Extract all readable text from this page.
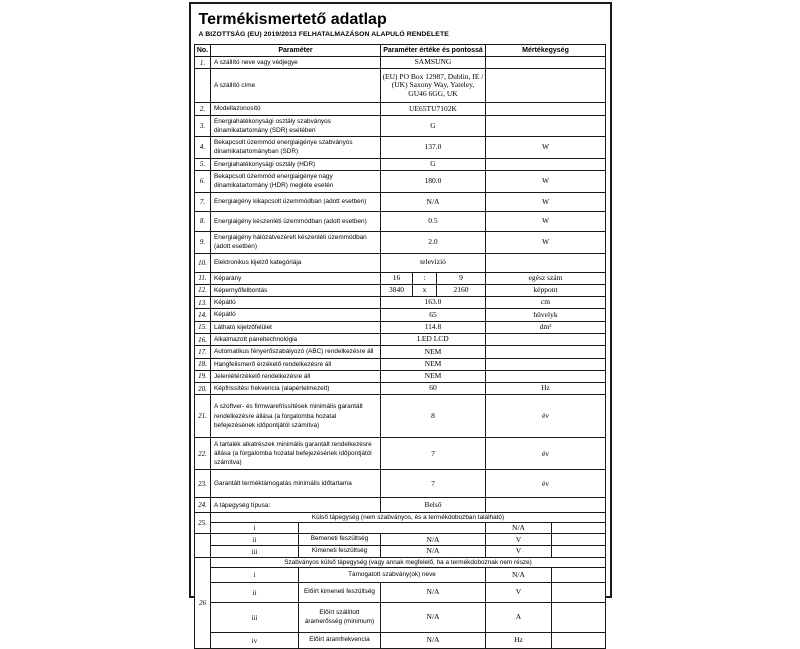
Termékismertető adatlap
A BIZOTTSÁG (EU) 2019/2013 FELHATALMAZÁSON ALAPULÓ RENDELETE
No.	Paraméter		Paraméter értéke és pontossá			Mértékegység	
1.	A szállító neve vagy védjegye		SAMSUNG				
	A szállító címe		(EU) PO Box 12987, Dublin, IE / (UK) Saxony Way, Yateley, GU46 6GG, UK				
2.	Modellazonosító		UE65TU7102K				
3.	Energiahatékonysági osztály szabványos dinamikatartomány (SDR) esetében		G				
4.	Bekapcsolt üzemmód energiaigénye szabványos dinamikatartományban (SDR)		137.0			W	
5.	Energiahatékonysági osztály (HDR)		G				
6.	Bekapcsolt üzemmód energiaigénye nagy dinamikatartomány (HDR) megléte esetén		180.0			W	
7.	Energiaigény kikapcsolt üzemmódban (adott esetben)		N/A			W	
8.	Energiaigény készenléti üzemmódban (adott esetben)		0.5			W	
9.	Energiaigény hálózatvezérelt készenléti üzemmódban (adott esetben)		2.0			W	
10.	Elektronikus kijelző kategóriája		televízió				
11.	Képarány		16	:	9	egész szám	
12.	Képernyőfelbontás		3840	x	2160	képpont	
13.	Képátló		163.0			cm	
14.	Képátló		65			hüvelyk	
15.	Látható kijelzőfelület		114.8			dm²	
16.	Alkalmazott paneltechnológia		LED LCD				
17.	Automatikus fényerőszabályozó (ABC) rendelkezésre áll		NEM				
18.	Hangfelismerő érzékelő rendelkezésre áll		NEM				
19.	Jelenlétérzékelő rendelkezésre áll		NEM				
20.	Képfrissítési frekvencia (alapértelmezett)		60			Hz	
21.	A szoftver- és firmwarefrissítések minimális garantált rendelkezésre állása (a forgalomba hozatal befejezésének időpontjától számítva)		8			év	
22.	A tartalék alkatrészek minimális garantált rendelkezésre állása (a forgalomba hozatal befejezésének időpontjától számítva)		7			év	
23.	Garantált terméktámogatás minimális időtartama		7			év	
24.	A tápegység típusa:		Belső				
25.	Külső tápegység (nem szabványos, és a termékdobozban található)						
	i					N/A	
	ii	Bemeneti feszültség	N/A			V	
	iii	Kimeneti feszültség	N/A			V	
26	Szabványos külső tápegység (vagy annak megfelelő, ha a termékdoboznak nem része)						
	i	Támogatott szabvány(ok) neve				N/A	
	ii	Előírt kimeneti feszültség	N/A			V	
	iii	Előírt szállított áramerősség (minimum)	N/A			A	
	iv	Előírt áramfrekvencia	N/A			Hz	
